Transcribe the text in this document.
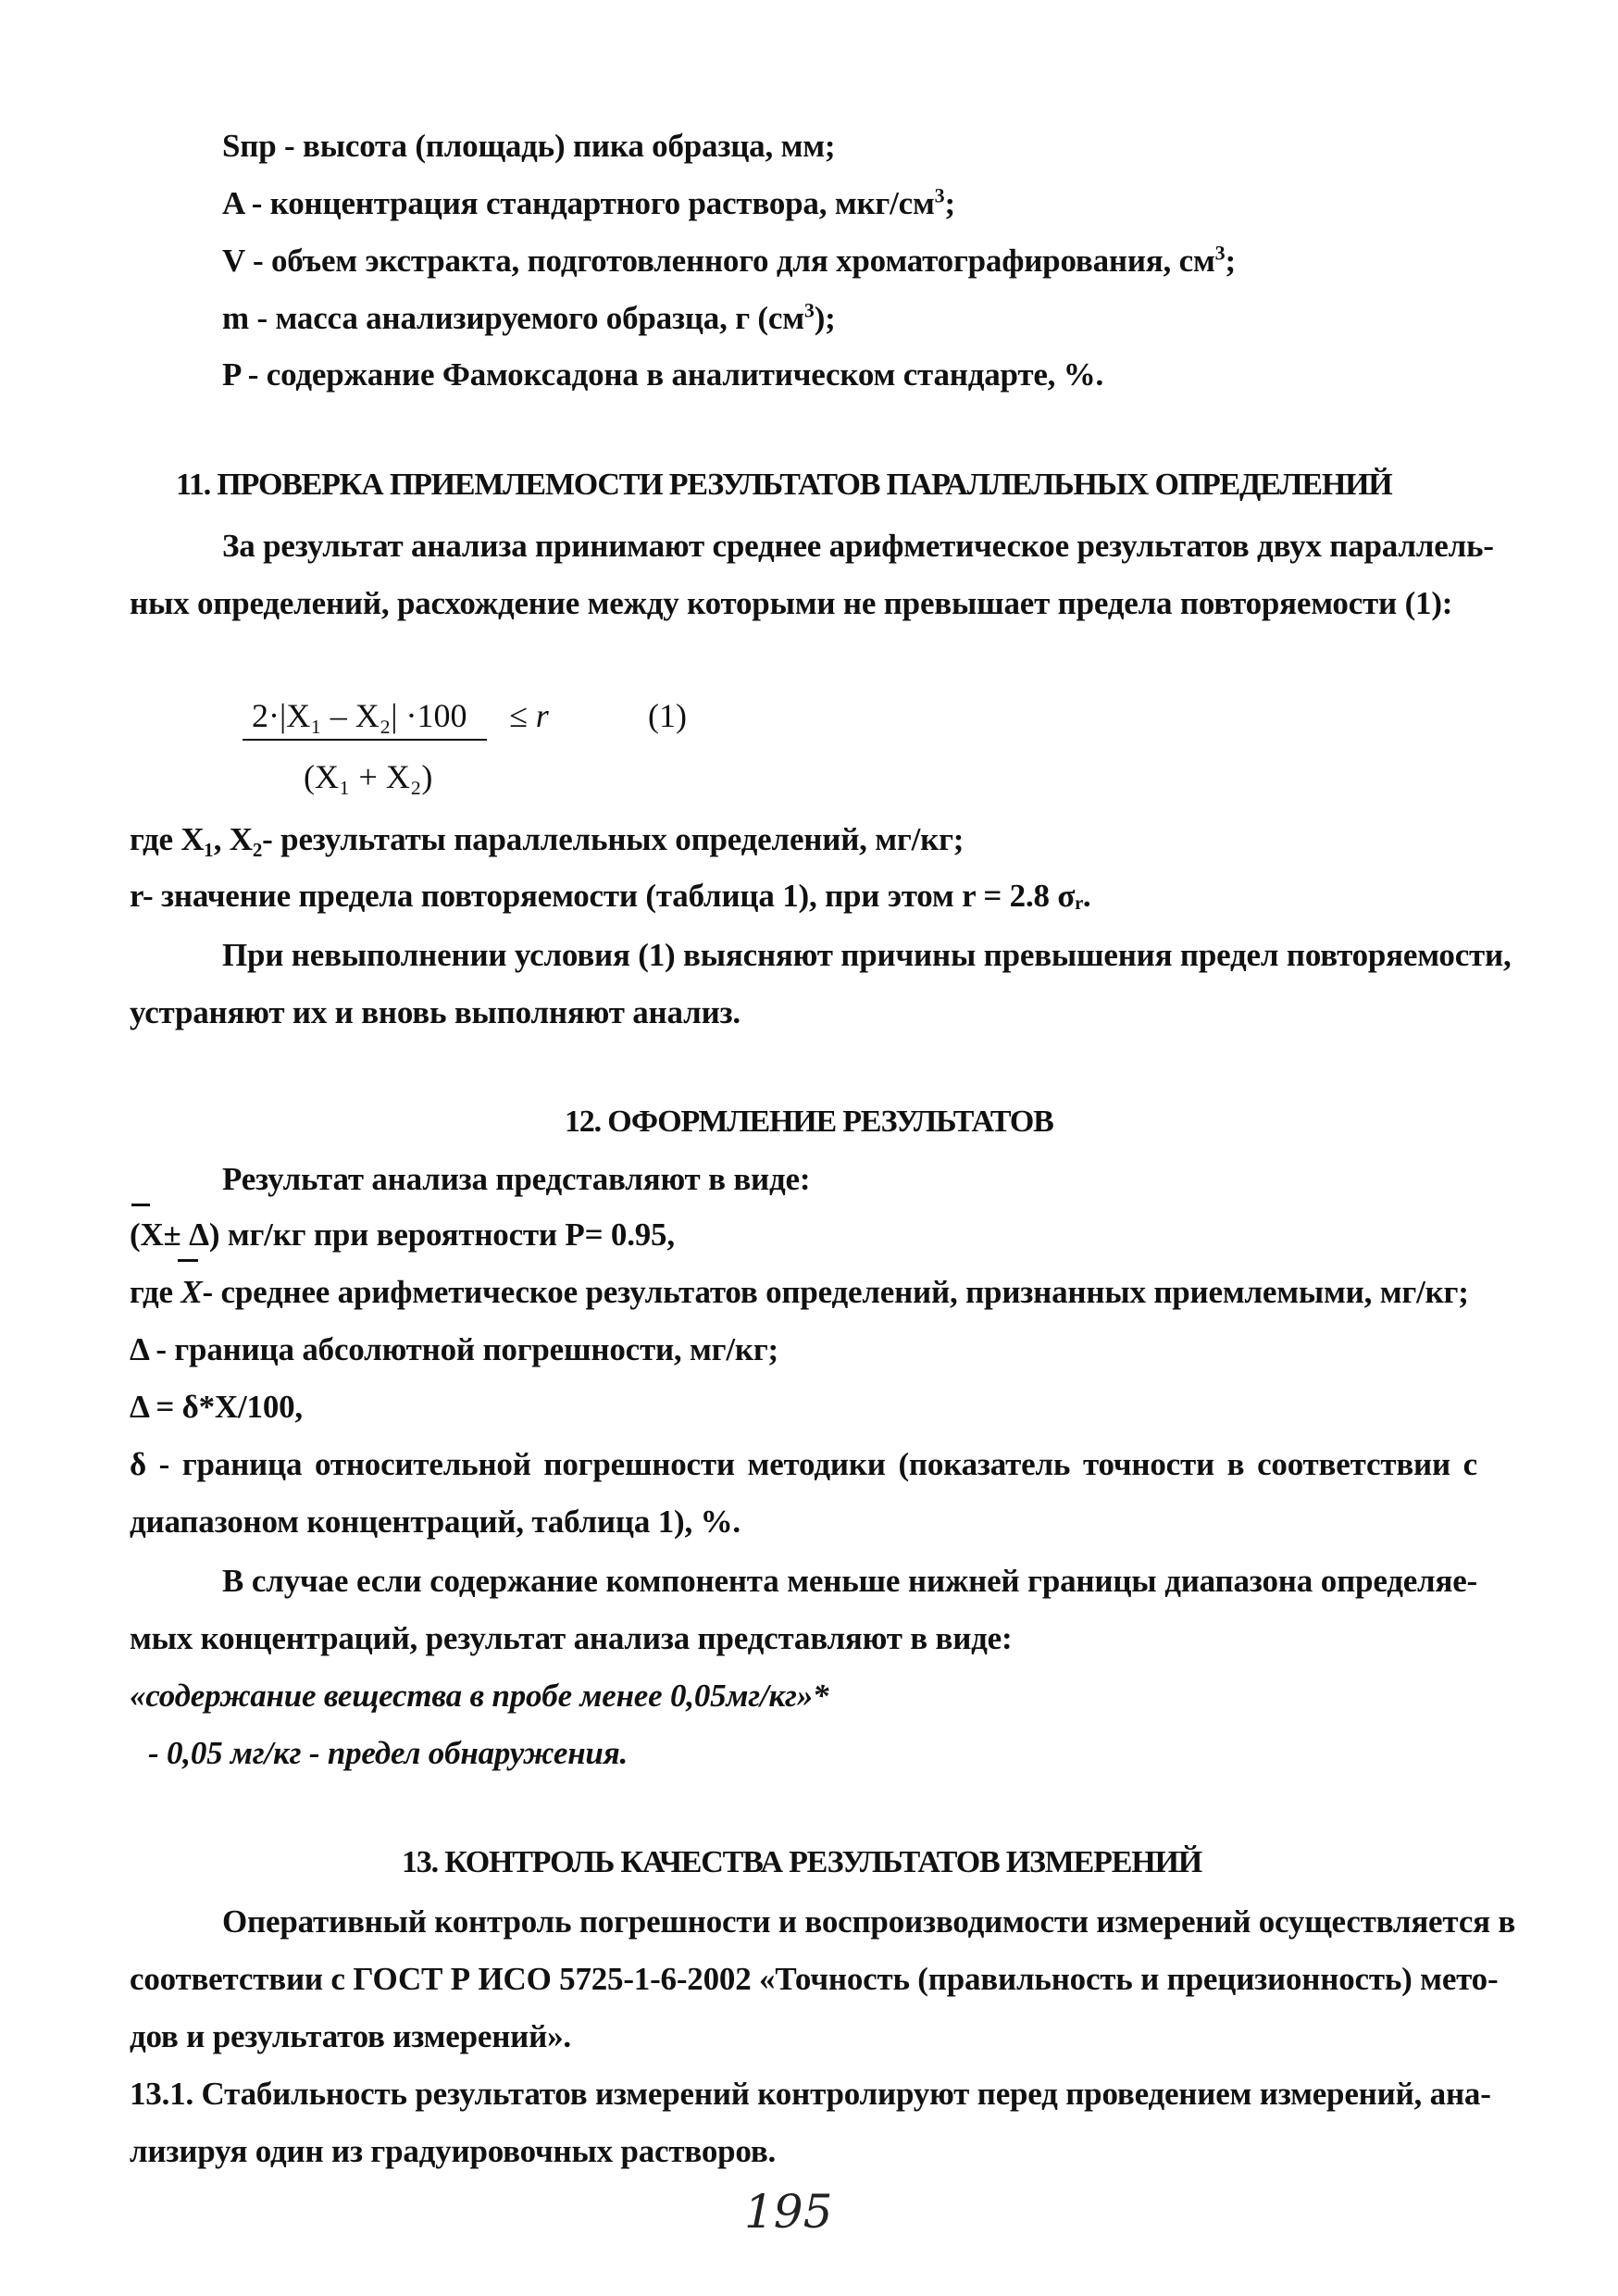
Sпр - высота (площадь) пика образца, мм;
A - концентрация стандартного раствора, мкг/$см^3$;
V - объем экстракта, подготовленного для хроматографирования, $см^3$;
m - масса анализируемого образца, г $(см^3)$;
P - содержание Фамоксадона в аналитическом стандарте, %.
11. ПРОВЕРКА ПРИЕМЛЕМОСТИ РЕЗУЛЬТАТОВ ПАРАЛЛЕЛЬНЫХ ОПРЕДЕЛЕНИЙ
За результат анализа принимают среднее арифметическое результатов двух параллель-
ных определений, расхождение между которыми не превышает предела повторяемости (1):
2·|X₁ – X₂| ·100 ≤ r	(1)
(X₁ + X₂)
где X₁, X₂- результаты параллельных определений, мг/кг;
r- значение предела повторяемости (таблица 1), при этом r = 2.8 σᵣ.
При невыполнении условия (1) выясняют причины превышения предел повторяемости,
устраняют их и вновь выполняют анализ.
12. ОФОРМЛЕНИЕ РЕЗУЛЬТАТОВ
Результат анализа представляют в виде:
(X± Δ) мг/кг при вероятности P= 0.95,
где X- среднее арифметическое результатов определений, признанных приемлемыми, мг/кг;
Δ - граница абсолютной погрешности, мг/кг;
Δ = δ*X/100,
δ - граница относительной погрешности методики (показатель точности в соответствии с
диапазоном концентраций, таблица 1), %.
В случае если содержание компонента меньше нижней границы диапазона определяе-
мых концентраций, результат анализа представляют в виде:
«содержание вещества в пробе менее 0,05мг/кг»*
- 0,05 мг/кг - предел обнаружения.
13. КОНТРОЛЬ КАЧЕСТВА РЕЗУЛЬТАТОВ ИЗМЕРЕНИЙ
Оперативный контроль погрешности и воспроизводимости измерений осуществляется в
соответствии с ГОСТ Р ИСО 5725-1-6-2002 «Точность (правильность и прецизионность) мето-
дов и результатов измерений».
13.1. Стабильность результатов измерений контролируют перед проведением измерений, ана-
лизируя один из градуировочных растворов.
195
